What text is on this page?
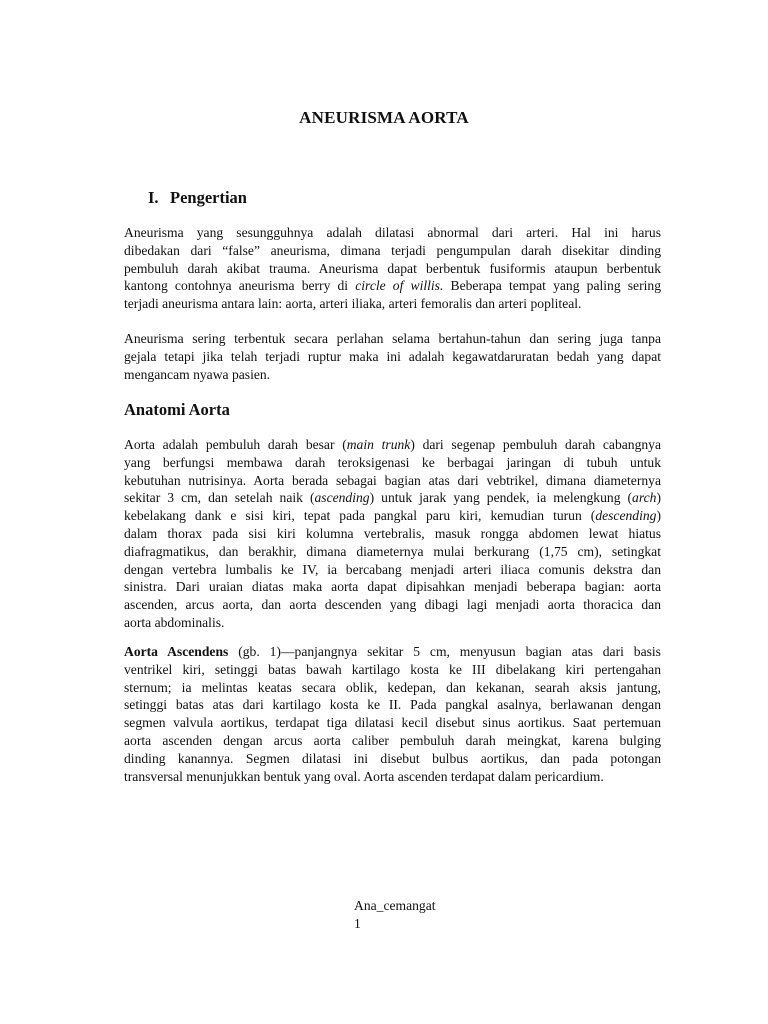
ANEURISMA AORTA
I. Pengertian
Aneurisma yang sesungguhnya adalah dilatasi abnormal dari arteri. Hal ini harus
dibedakan dari “false” aneurisma, dimana terjadi pengumpulan darah disekitar dinding
pembuluh darah akibat trauma. Aneurisma dapat berbentuk fusiformis ataupun berbentuk
kantong contohnya aneurisma berry di circle of willis. Beberapa tempat yang paling sering
terjadi aneurisma antara lain: aorta, arteri iliaka, arteri femoralis dan arteri popliteal.
Aneurisma sering terbentuk secara perlahan selama bertahun-tahun dan sering juga tanpa
gejala tetapi jika telah terjadi ruptur maka ini adalah kegawatdaruratan bedah yang dapat
mengancam nyawa pasien.
Anatomi Aorta
Aorta adalah pembuluh darah besar (main trunk) dari segenap pembuluh darah cabangnya
yang berfungsi membawa darah teroksigenasi ke berbagai jaringan di tubuh untuk
kebutuhan nutrisinya. Aorta berada sebagai bagian atas dari vebtrikel, dimana diameternya
sekitar 3 cm, dan setelah naik (ascending) untuk jarak yang pendek, ia melengkung (arch)
kebelakang dank e sisi kiri, tepat pada pangkal paru kiri, kemudian turun (descending)
dalam thorax pada sisi kiri kolumna vertebralis, masuk rongga abdomen lewat hiatus
diafragmatikus, dan berakhir, dimana diameternya mulai berkurang (1,75 cm), setingkat
dengan vertebra lumbalis ke IV, ia bercabang menjadi arteri iliaca comunis dekstra dan
sinistra. Dari uraian diatas maka aorta dapat dipisahkan menjadi beberapa bagian: aorta
ascenden, arcus aorta, dan aorta descenden yang dibagi lagi menjadi aorta thoracica dan
aorta abdominalis.
Aorta Ascendens (gb. 1)—panjangnya sekitar 5 cm, menyusun bagian atas dari basis
ventrikel kiri, setinggi batas bawah kartilago kosta ke III dibelakang kiri pertengahan
sternum; ia melintas keatas secara oblik, kedepan, dan kekanan, searah aksis jantung,
setinggi batas atas dari kartilago kosta ke II. Pada pangkal asalnya, berlawanan dengan
segmen valvula aortikus, terdapat tiga dilatasi kecil disebut sinus aortikus. Saat pertemuan
aorta ascenden dengan arcus aorta caliber pembuluh darah meingkat, karena bulging
dinding kanannya. Segmen dilatasi ini disebut bulbus aortikus, dan pada potongan
transversal menunjukkan bentuk yang oval. Aorta ascenden terdapat dalam pericardium.
Ana_cemangat
1
